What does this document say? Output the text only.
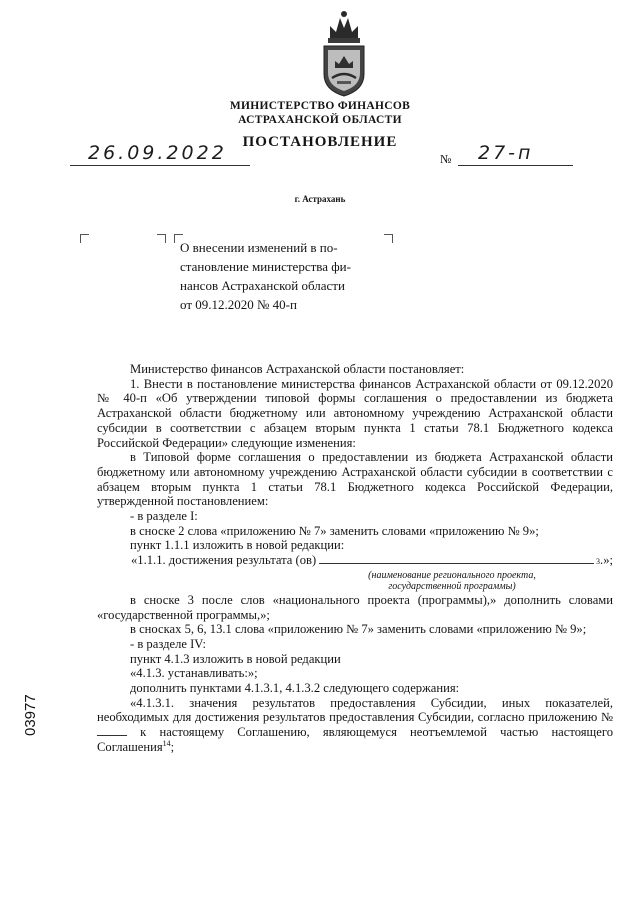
МИНИСТЕРСТВО ФИНАНСОВ
АСТРАХАНСКОЙ ОБЛАСТИ
ПОСТАНОВЛЕНИЕ
26.09.2022	№ 27-п
г. Астрахань
О внесении изменений в по-
становление министерства фи-
нансов Астраханской области
от 09.12.2020 № 40-п

Министерство финансов Астраханской области постановляет:

1. Внести в постановление министерства финансов Астраханской области от 09.12.2020 № 40-п «Об утверждении типовой формы соглашения о предоставлении из бюджета Астраханской области бюджетному или автономному учреждению Астраханской области субсидии в соответствии с абзацем вторым пункта 1 статьи 78.1 Бюджетного кодекса Российской Федерации» следующие изменения:

в Типовой форме соглашения о предоставлении из бюджета Астраханской области бюджетному или автономному учреждению Астраханской области субсидии в соответствии с абзацем вторым пункта 1 статьи 78.1 Бюджетного кодекса Российской Федерации, утвержденной постановлением:

- в разделе I:

в сноске 2 слова «приложению № 7» заменить словами «приложению № 9»;

пункт 1.1.1 изложить в новой редакции:

«1.1.1. достижения результата (ов)	3 .»;
(наименование регионального проекта, государственной программы)

в сноске 3 после слов «национального проекта (программы),» дополнить словами «государственной программы,»;

в сносках 5, 6, 13.1 слова «приложению № 7» заменить словами «приложению № 9»;

- в разделе IV:

пункт 4.1.3 изложить в новой редакции

«4.1.3. устанавливать:»;

дополнить пунктами 4.1.3.1, 4.1.3.2 следующего содержания:

«4.1.3.1. значения результатов предоставления Субсидии, иных показателей, необходимых для достижения результатов предоставления Субсидии, согласно приложению №  к настоящему Соглашению, являющемуся неотъемлемой частью настоящего Соглашения$^{14}$;

03977
